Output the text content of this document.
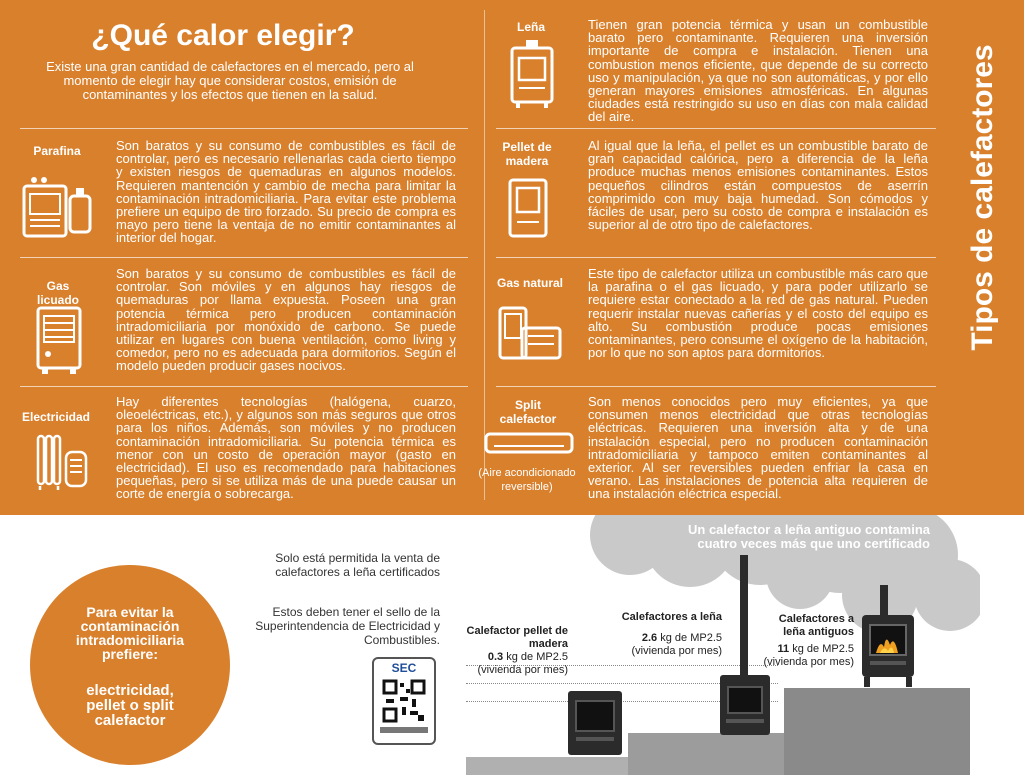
¿Qué calor elegir?
Existe una gran cantidad de calefactores en el mercado, pero al momento de elegir hay que considerar costos, emisión de contaminantes y los efectos que tienen en la salud.
Parafina	Son baratos y su consumo de combustibles es fácil de controlar, pero es necesario rellenarlas cada cierto tiempo y existen riesgos de quemaduras en algunos modelos. Requieren mantención y cambio de mecha para limitar la contaminación intradomiciliaria. Para evitar este problema prefiere un equipo de tiro forzado. Su precio de compra es mayo pero tiene la ventaja de no emitir contaminantes al interior del hogar.
Gas licuado
Son baratos y su consumo de combustibles es fácil de controlar. Son móviles y en algunos hay riesgos de quemaduras por llama expuesta. Poseen una gran potencia térmica pero producen contaminación intradomiciliaria por monóxido de carbono. Se puede utilizar en lugares con buena ventilación, como living y comedor, pero no es adecuada para dormitorios. Según el modelo pueden producir gases nocivos.
Electricidad
Hay diferentes tecnologías (halógena, cuarzo, oleoeléctricas, etc.), y algunos son más seguros que otros para los niños. Además, son móviles y no producen contaminación intradomiciliaria. Su potencia térmica es menor con un costo de operación mayor (gasto en electricidad). El uso es recomendado para habitaciones pequeñas, pero si se utiliza más de una puede causar un corte de energía o sobrecarga.
Leña	Tienen gran potencia térmica y usan un combustible barato pero contaminante. Requieren una inversión importante de compra e instalación. Tienen una combustion menos eficiente, que depende de su correcto uso y manipulación, ya que no son automáticas, y por ello generan mayores emisiones atmosféricas. En algunas ciudades está restringido su uso en días con mala calidad del aire.
Pellet de madera
Al igual que la leña, el pellet es un combustible barato de gran capacidad calórica, pero a diferencia de la leña produce muchas menos emisiones contaminantes. Estos pequeños cilindros están compuestos de aserrín comprimido con muy baja humedad. Son cómodos y fáciles de usar, pero su costo de compra e instalación es superior al de otro tipo de calefactores.
Gas natural
Este tipo de calefactor utiliza un combustible más caro que la parafina o el gas licuado, y para poder utilizarlo se requiere estar conectado a la red de gas natural. Pueden requerir instalar nuevas cañerías y el costo del equipo es alto. Su combustión produce pocas emisiones contaminantes, pero consume el oxígeno de la habitación, por lo que no son aptos para dormitorios.
Split calefactor
(Aire acondicionado reversible)
Son menos conocidos pero muy eficientes, ya que consumen menos electricidad que otras tecnologías eléctricas. Requieren una inversión alta y de una instalación especial, pero no producen contaminación intradomiciliaria y tampoco emiten contaminantes al exterior. Al ser reversibles pueden enfriar la casa en verano. Las instalaciones de potencia alta requieren de una instalación eléctrica especial.
Tipos de calefactores
Para evitar la contaminación intradomiciliaria prefiere:
electricidad, pellet o split calefactor
Solo está permitida la venta de calefactores a leña certificados
Estos deben tener el sello de la Superintendencia de Electricidad y Combustibles.
SEC
Un calefactor a leña antiguo contamina cuatro veces más que uno certificado
Calefactor pellet de madera
0.3 kg de MP2.5
(vivienda por mes)
Calefactores a leña
2.6 kg de MP2.5
(vivienda por mes)
Calefactores a leña antiguos
11 kg de MP2.5
(vivienda por mes)
